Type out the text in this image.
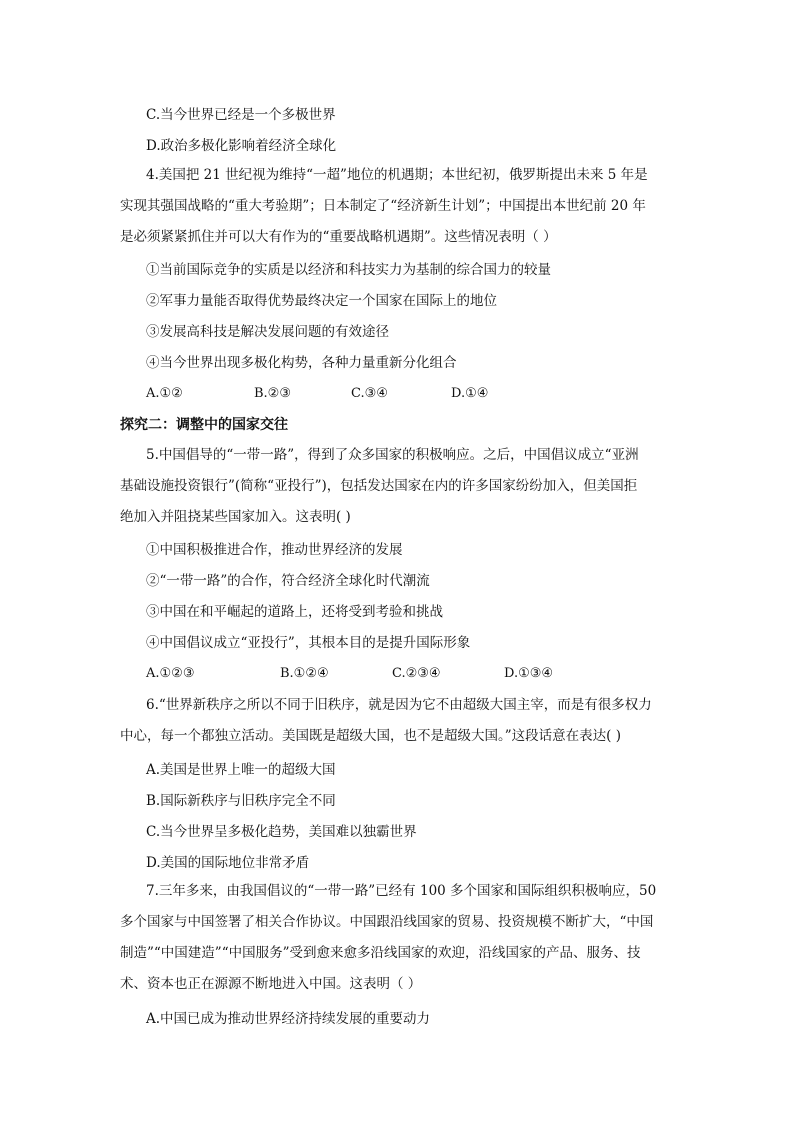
C.当今世界已经是一个多极世界
D.政治多极化影响着经济全球化
4.美国把 21 世纪视为维持“一超”地位的机遇期；本世纪初，俄罗斯提出未来 5 年是
实现其强国战略的“重大考验期”；日本制定了“经济新生计划”；中国提出本世纪前 20 年
是必须紧紧抓住并可以大有作为的“重要战略机遇期”。这些情况表明（ ）
①当前国际竞争的实质是以经济和科技实力为基制的综合国力的较量
②军事力量能否取得优势最终决定一个国家在国际上的地位
③发展高科技是解决发展问题的有效途径
④当今世界出现多极化构势，各种力量重新分化组合
A.①②	B.②③	C.③④	D.①④
探究二：调整中的国家交往
5.中国倡导的“一带一路”，得到了众多国家的积极响应。之后，中国倡议成立“亚洲
基础设施投资银行”(简称“亚投行”)，包括发达国家在内的许多国家纷纷加入，但美国拒
绝加入并阻挠某些国家加入。这表明( )
①中国积极推进合作，推动世界经济的发展
②“一带一路”的合作，符合经济全球化时代潮流
③中国在和平崛起的道路上，还将受到考验和挑战
④中国倡议成立“亚投行”，其根本目的是提升国际形象
A.①②③	B.①②④	C.②③④	D.①③④
6.“世界新秩序之所以不同于旧秩序，就是因为它不由超级大国主宰，而是有很多权力
中心，每一个都独立活动。美国既是超级大国，也不是超级大国。”这段话意在表达( )
A.美国是世界上唯一的超级大国
B.国际新秩序与旧秩序完全不同
C.当今世界呈多极化趋势，美国难以独霸世界
D.美国的国际地位非常矛盾
7.三年多来，由我国倡议的“一带一路”已经有 100 多个国家和国际组织积极响应，50
多个国家与中国签署了相关合作协议。中国跟沿线国家的贸易、投资规模不断扩大，“中国
制造”“中国建造”“中国服务”受到愈来愈多沿线国家的欢迎，沿线国家的产品、服务、技
术、资本也正在源源不断地进入中国。这表明（ ）
A.中国已成为推动世界经济持续发展的重要动力
